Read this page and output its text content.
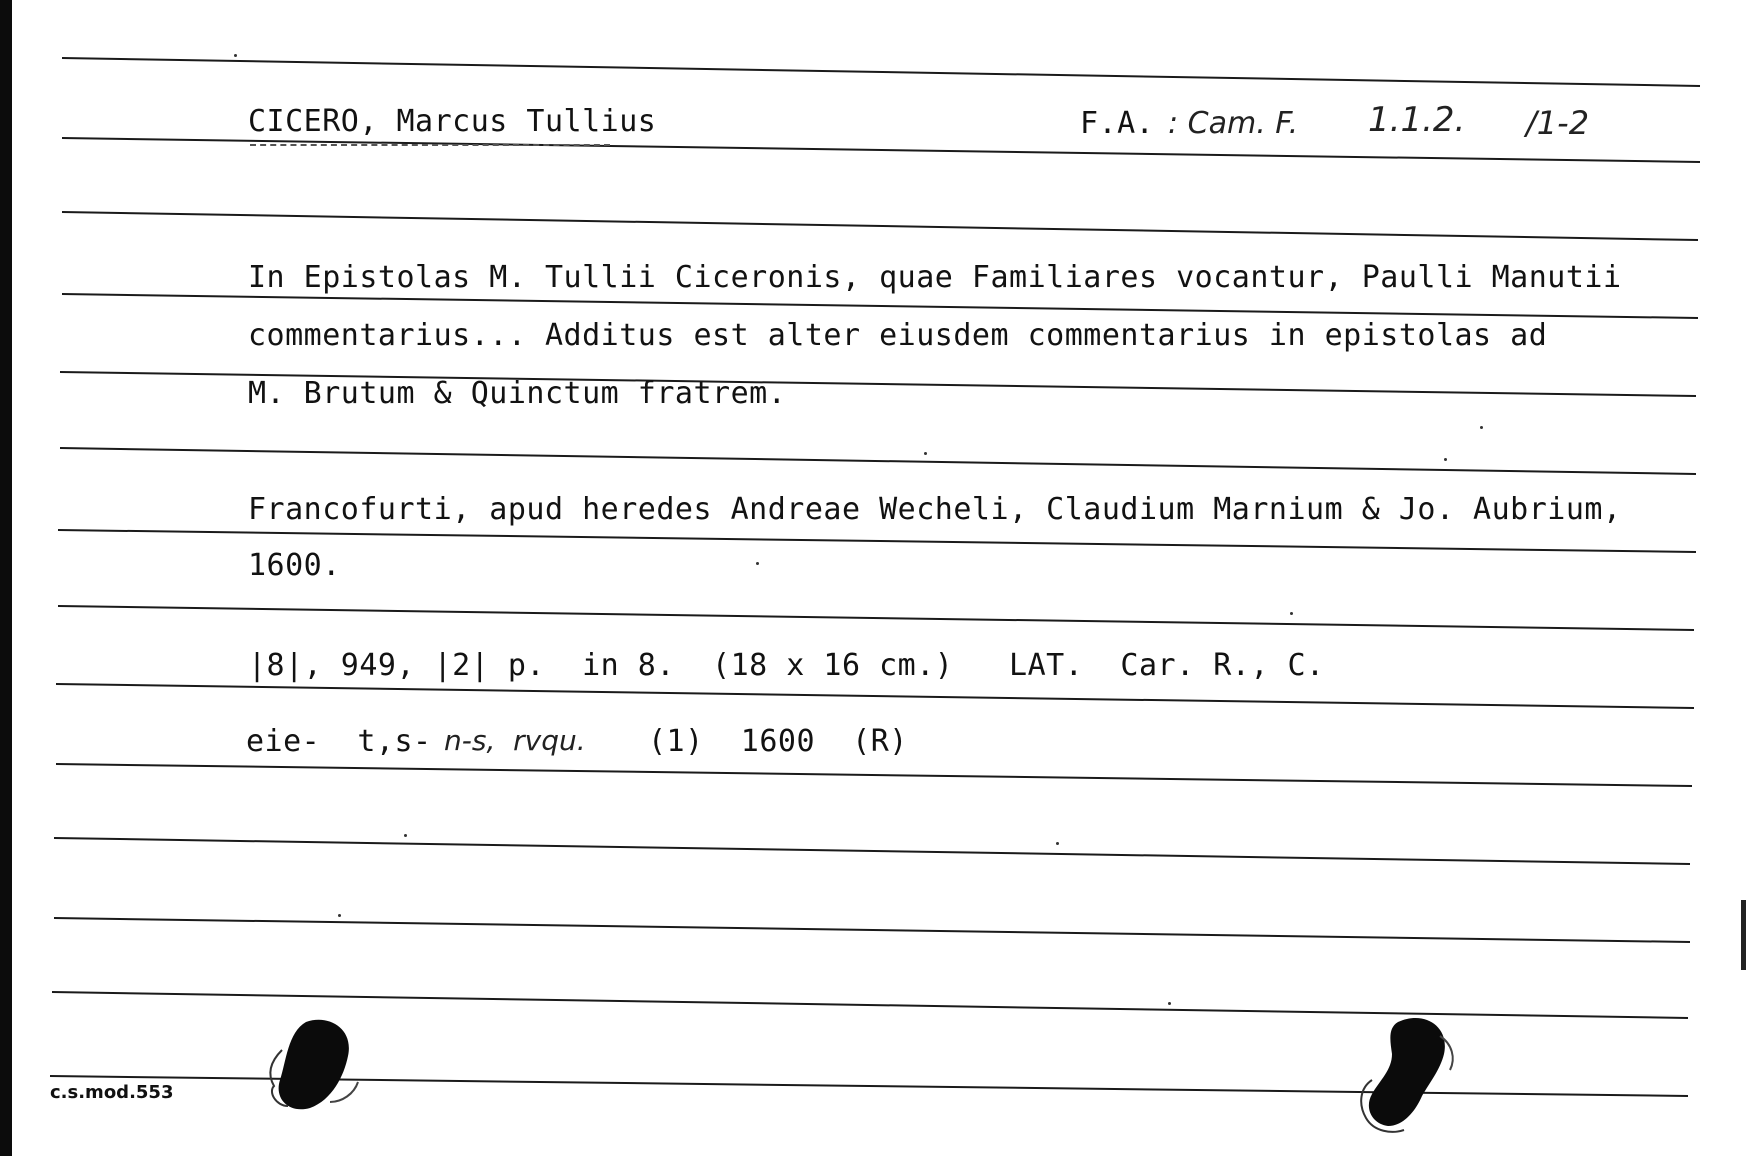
CICERO, Marcus Tullius	F.A. : Cam. F. 1.1.2. /1-2
In Epistolas M. Tullii Ciceronis, quae Familiares vocantur, Paulli Manutii
commentarius... Additus est alter eiusdem commentarius in epistolas ad
M. Brutum & Quinctum fratrem.
Francofurti, apud heredes Andreae Wecheli, Claudium Marnium & Jo. Aubrium,
1600.
|8|, 949, |2| p.  in 8.  (18 x 16 cm.)   LAT.  Car. R., C.
eie-  t,s- n-s,  rvqu. (1)  1600  (R)
c.s.mod.553
